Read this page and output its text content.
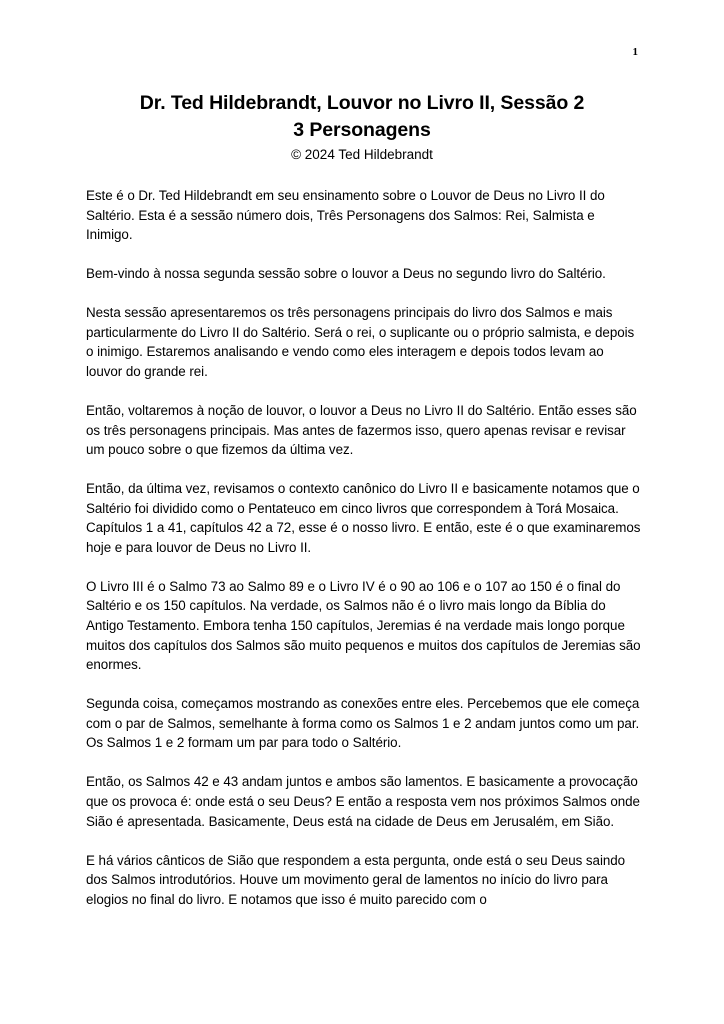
1
Dr. Ted Hildebrandt, Louvor no Livro II, Sessão 2
3 Personagens
© 2024 Ted Hildebrandt

Este é o Dr. Ted Hildebrandt em seu ensinamento sobre o Louvor de Deus no Livro II do Saltério. Esta é a sessão número dois, Três Personagens dos Salmos: Rei, Salmista e Inimigo.

Bem-vindo à nossa segunda sessão sobre o louvor a Deus no segundo livro do Saltério.

Nesta sessão apresentaremos os três personagens principais do livro dos Salmos e mais particularmente do Livro II do Saltério. Será o rei, o suplicante ou o próprio salmista, e depois o inimigo. Estaremos analisando e vendo como eles interagem e depois todos levam ao louvor do grande rei.

Então, voltaremos à noção de louvor, o louvor a Deus no Livro II do Saltério. Então esses são os três personagens principais. Mas antes de fazermos isso, quero apenas revisar e revisar um pouco sobre o que fizemos da última vez.

Então, da última vez, revisamos o contexto canônico do Livro II e basicamente notamos que o Saltério foi dividido como o Pentateuco em cinco livros que correspondem à Torá Mosaica. Capítulos 1 a 41, capítulos 42 a 72, esse é o nosso livro. E então, este é o que examinaremos hoje e para louvor de Deus no Livro II.

O Livro III é o Salmo 73 ao Salmo 89 e o Livro IV é o 90 ao 106 e o 107 ao 150 é o final do Saltério e os 150 capítulos. Na verdade, os Salmos não é o livro mais longo da Bíblia do Antigo Testamento. Embora tenha 150 capítulos, Jeremias é na verdade mais longo porque muitos dos capítulos dos Salmos são muito pequenos e muitos dos capítulos de Jeremias são enormes.

Segunda coisa, começamos mostrando as conexões entre eles. Percebemos que ele começa com o par de Salmos, semelhante à forma como os Salmos 1 e 2 andam juntos como um par. Os Salmos 1 e 2 formam um par para todo o Saltério.

Então, os Salmos 42 e 43 andam juntos e ambos são lamentos. E basicamente a provocação que os provoca é: onde está o seu Deus? E então a resposta vem nos próximos Salmos onde Sião é apresentada. Basicamente, Deus está na cidade de Deus em Jerusalém, em Sião.

E há vários cânticos de Sião que respondem a esta pergunta, onde está o seu Deus saindo dos Salmos introdutórios. Houve um movimento geral de lamentos no início do livro para elogios no final do livro. E notamos que isso é muito parecido com o
